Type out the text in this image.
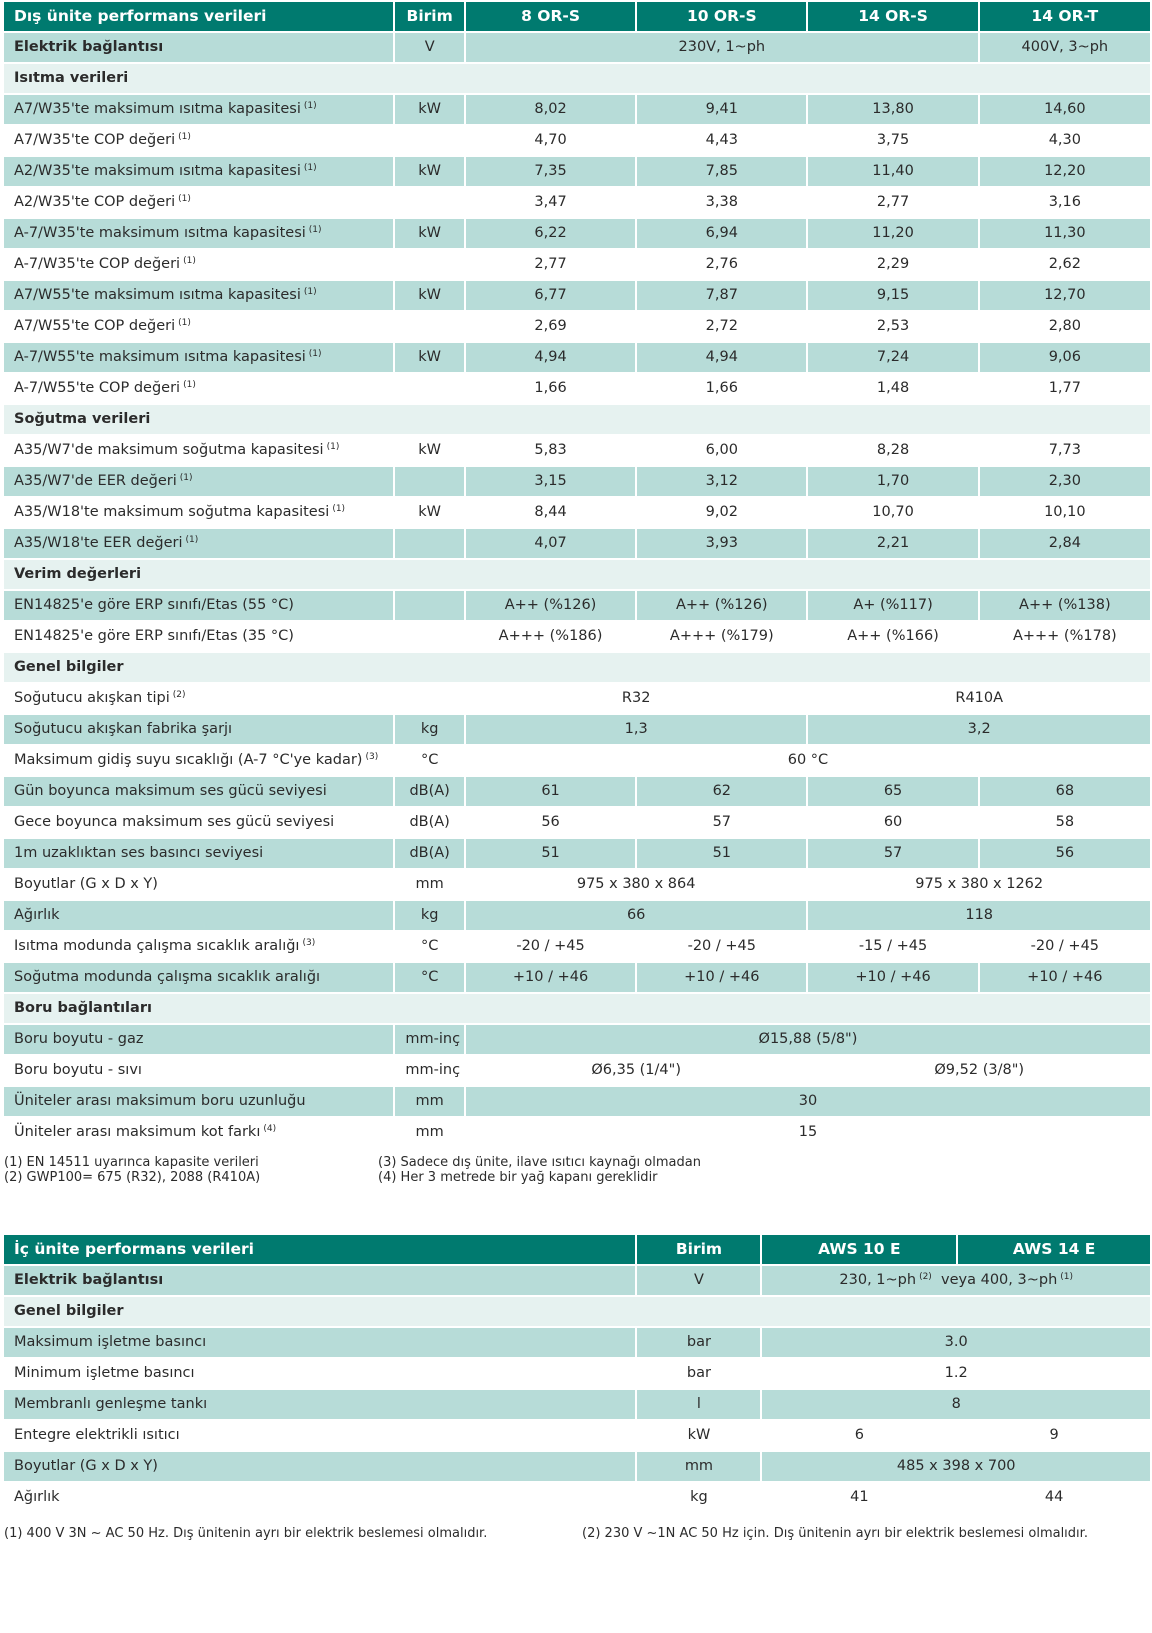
Dış ünite performans verileri	Birim	8 OR-S	10 OR-S	14 OR-S	14 OR-T
Elektrik bağlantısı	V	230V, 1~ph			400V, 3~ph
Isıtma verileri					
A7/W35'te maksimum ısıtma kapasitesi $^{(1)}$	kW	8,02	9,41	13,80	14,60
A7/W35'te COP değeri $^{(1)}$		4,70	4,43	3,75	4,30
A2/W35'te maksimum ısıtma kapasitesi $^{(1)}$	kW	7,35	7,85	11,40	12,20
A2/W35'te COP değeri $^{(1)}$		3,47	3,38	2,77	3,16
A-7/W35'te maksimum ısıtma kapasitesi $^{(1)}$	kW	6,22	6,94	11,20	11,30
A-7/W35'te COP değeri $^{(1)}$		2,77	2,76	2,29	2,62
A7/W55'te maksimum ısıtma kapasitesi $^{(1)}$	kW	6,77	7,87	9,15	12,70
A7/W55'te COP değeri $^{(1)}$		2,69	2,72	2,53	2,80
A-7/W55'te maksimum ısıtma kapasitesi $^{(1)}$	kW	4,94	4,94	7,24	9,06
A-7/W55'te COP değeri $^{(1)}$		1,66	1,66	1,48	1,77
Soğutma verileri					
A35/W7'de maksimum soğutma kapasitesi $^{(1)}$	kW	5,83	6,00	8,28	7,73
A35/W7'de EER değeri $^{(1)}$		3,15	3,12	1,70	2,30
A35/W18'te maksimum soğutma kapasitesi $^{(1)}$	kW	8,44	9,02	10,70	10,10
A35/W18'te EER değeri $^{(1)}$		4,07	3,93	2,21	2,84
Verim değerleri					
EN14825'e göre ERP sınıfı/Etas (55 °C)		A++ (%126)	A++ (%126)	A+ (%117)	A++ (%138)
EN14825'e göre ERP sınıfı/Etas (35 °C)		A+++ (%186)	A+++ (%179)	A++ (%166)	A+++ (%178)
Genel bilgiler					
Soğutucu akışkan tipi $^{(2)}$		R32		R410A	
Soğutucu akışkan fabrika şarjı	kg	1,3		3,2	
Maksimum gidiş suyu sıcaklığı (A-7 °C'ye kadar) $^{(3)}$	°C	60 °C			
Gün boyunca maksimum ses gücü seviyesi	dB(A)	61	62	65	68
Gece boyunca maksimum ses gücü seviyesi	dB(A)	56	57	60	58
1m uzaklıktan ses basıncı seviyesi	dB(A)	51	51	57	56
Boyutlar (G x D x Y)	mm	975 x 380 x 864		975 x 380 x 1262	
Ağırlık	kg	66		118	
Isıtma modunda çalışma sıcaklık aralığı $^{(3)}$	°C	-20 / +45	-20 / +45	-15 / +45	-20 / +45
Soğutma modunda çalışma sıcaklık aralığı	°C	+10 / +46	+10 / +46	+10 / +46	+10 / +46
Boru bağlantıları					
Boru boyutu - gaz	mm-inç	Ø15,88 (5/8")			
Boru boyutu - sıvı	mm-inç	Ø6,35 (1/4")		Ø9,52 (3/8")	
Üniteler arası maksimum boru uzunluğu	mm	30			
Üniteler arası maksimum kot farkı $^{(4)}$	mm	15			
(1) EN 14511 uyarınca kapasite verileri
(2) GWP100= 675 (R32), 2088 (R410A)
(3) Sadece dış ünite, ilave ısıtıcı kaynağı olmadan
(4) Her 3 metrede bir yağ kapanı gereklidir
İç ünite performans verileri	Birim	AWS 10 E	AWS 14 E
Elektrik bağlantısı	V	230, 1~ph $^{(2)}$ veya 400, 3~ph $^{(1)}$
Genel bilgiler			
Maksimum işletme basıncı	bar	3.0	
Minimum işletme basıncı	bar	1.2	
Membranlı genleşme tankı	l	8	
Entegre elektrikli ısıtıcı	kW	6	9
Boyutlar (G x D x Y)	mm	485 x 398 x 700	
Ağırlık	kg	41	44
(1) 400 V 3N ~ AC 50 Hz. Dış ünitenin ayrı bir elektrik beslemesi olmalıdır.	(2) 230 V ~1N AC 50 Hz için. Dış ünitenin ayrı bir elektrik beslemesi olmalıdır.
